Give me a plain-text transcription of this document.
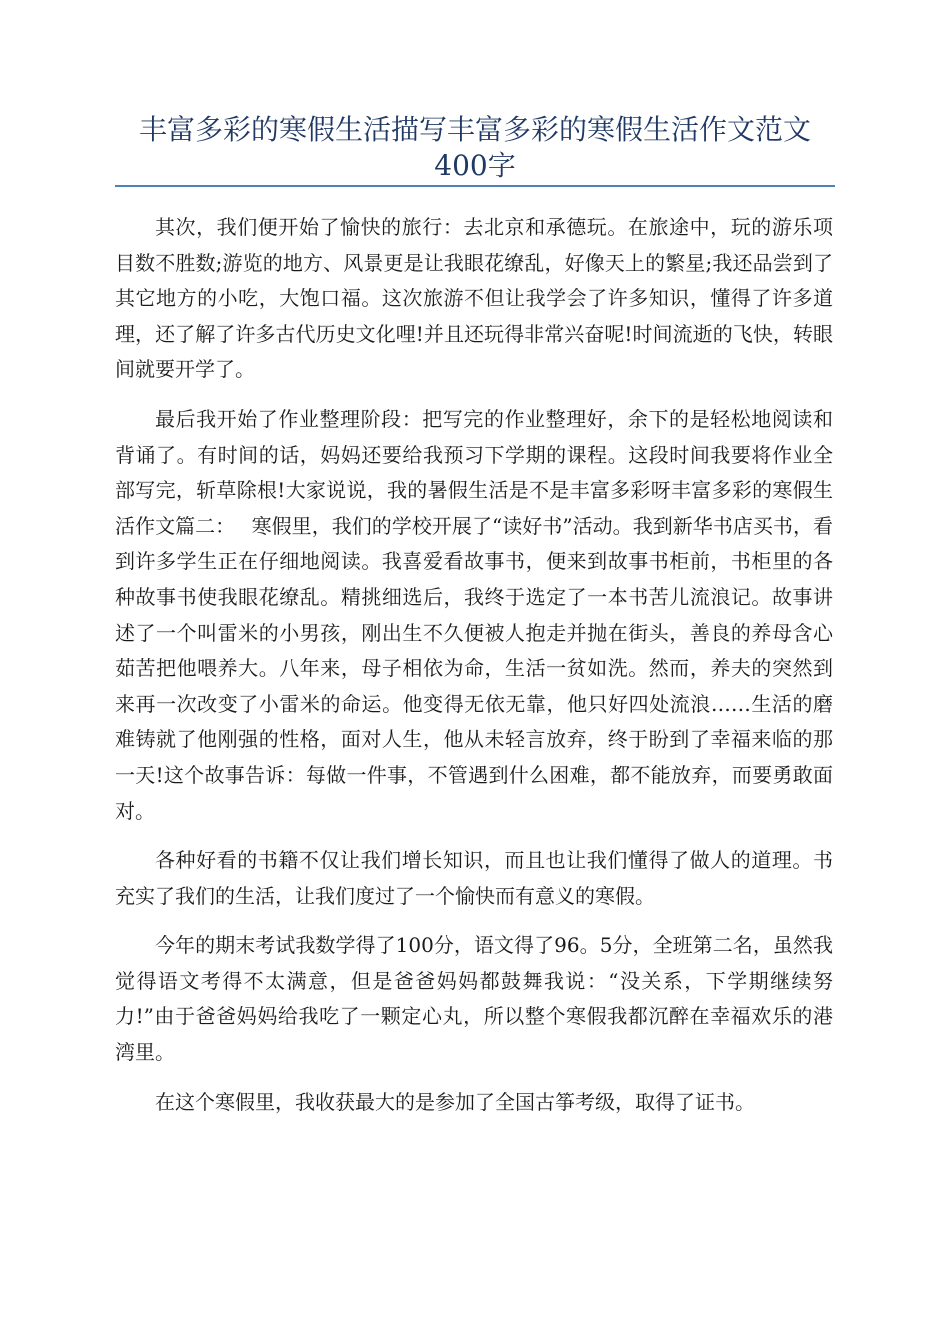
丰富多彩的寒假生活描写丰富多彩的寒假生活作文范文400字

其次，我们便开始了愉快的旅行：去北京和承德玩。在旅途中，玩的游乐项目数不胜数;游览的地方、风景更是让我眼花缭乱，好像天上的繁星;我还品尝到了其它地方的小吃，大饱口福。这次旅游不但让我学会了许多知识，懂得了许多道理，还了解了许多古代历史文化哩!并且还玩得非常兴奋呢!时间流逝的飞快，转眼间就要开学了。

最后我开始了作业整理阶段：把写完的作业整理好，余下的是轻松地阅读和背诵了。有时间的话，妈妈还要给我预习下学期的课程。这段时间我要将作业全部写完，斩草除根!大家说说，我的暑假生活是不是丰富多彩呀丰富多彩的寒假生活作文篇二：　 寒假里，我们的学校开展了“读好书”活动。我到新华书店买书，看到许多学生正在仔细地阅读。我喜爱看故事书，便来到故事书柜前，书柜里的各种故事书使我眼花缭乱。精挑细选后，我终于选定了一本书苦儿流浪记。故事讲述了一个叫雷米的小男孩，刚出生不久便被人抱走并抛在街头，善良的养母含心茹苦把他喂养大。八年来，母子相依为命，生活一贫如洗。然而，养夫的突然到来再一次改变了小雷米的命运。他变得无依无靠，他只好四处流浪……生活的磨难铸就了他刚强的性格，面对人生，他从未轻言放弃，终于盼到了幸福来临的那一天!这个故事告诉：每做一件事，不管遇到什么困难，都不能放弃，而要勇敢面对。

各种好看的书籍不仅让我们增长知识，而且也让我们懂得了做人的道理。书充实了我们的生活，让我们度过了一个愉快而有意义的寒假。

今年的期末考试我数学得了100分，语文得了96。5分，全班第二名，虽然我觉得语文考得不太满意，但是爸爸妈妈都鼓舞我说：“没关系，下学期继续努力!”由于爸爸妈妈给我吃了一颗定心丸，所以整个寒假我都沉醉在幸福欢乐的港湾里。

在这个寒假里，我收获最大的是参加了全国古筝考级，取得了证书。
